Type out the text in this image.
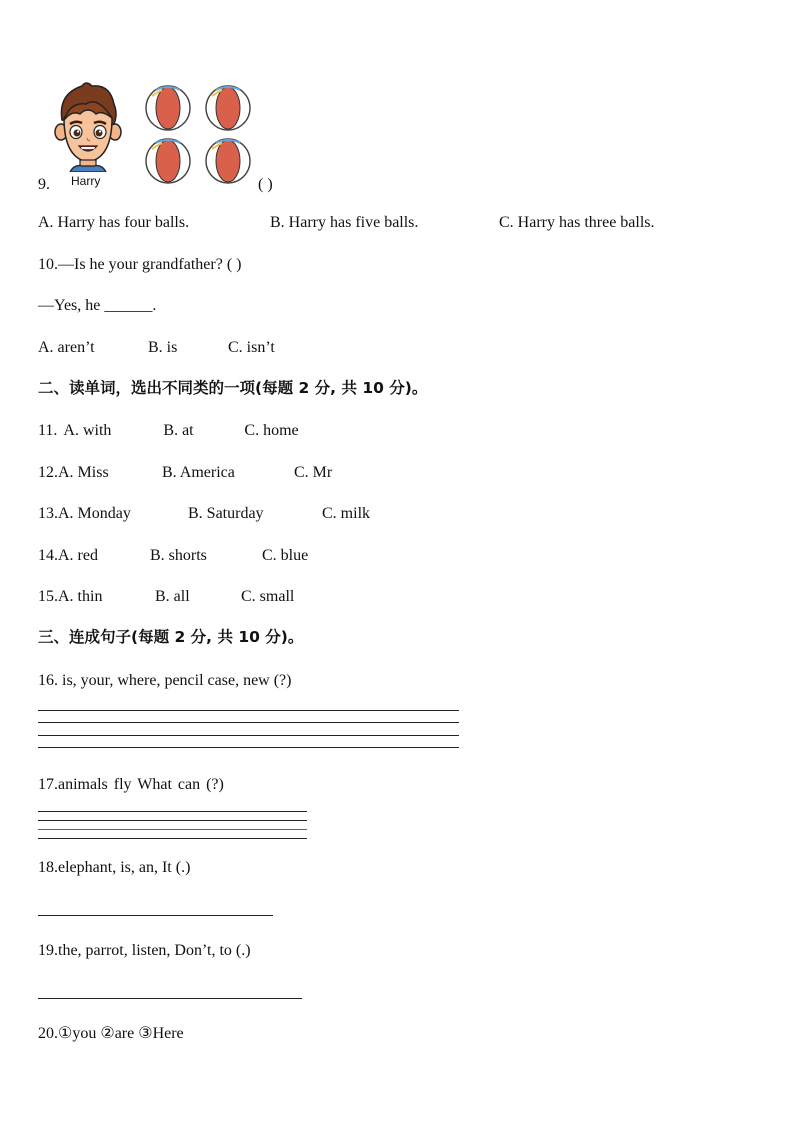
Harry
9.	( )
A. Harry has four balls.	B. Harry has five balls.	C. Harry has three balls.
10.—Is he your grandfather? ( )
—Yes, he ______.
A. aren’t	B. is	C. isn’t
二、读单词，选出不同类的一项(每题 2 分, 共 10 分)。
11. A. with	B. at	C. home
12.A. Miss	B. America	C. Mr
13.A. Monday	B. Saturday	C. milk
14.A. red	B. shorts	C. blue
15.A. thin	B. all	C. small
三、连成句子(每题 2 分, 共 10 分)。
16. is, your, where, pencil case, new (?)
17.animals fly What can (?)
18.elephant, is, an, It (.)
19.the, parrot, listen, Don’t, to (.)
20.①you ②are ③Here
